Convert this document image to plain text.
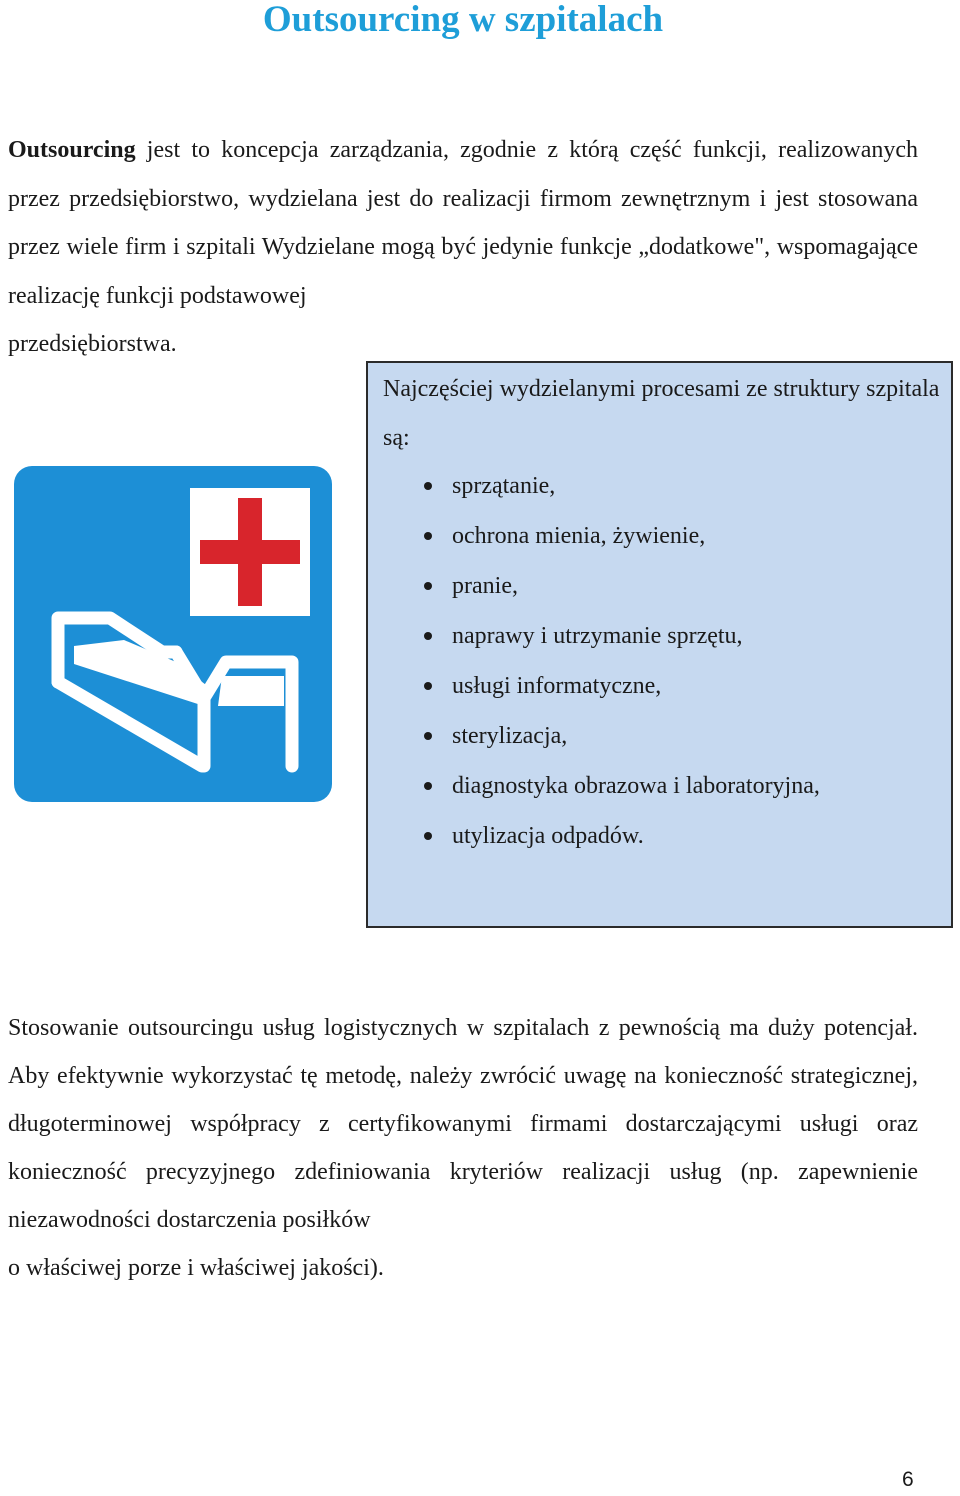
Outsourcing w szpitalach
Outsourcing jest to koncepcja zarządzania, zgodnie z którą część funkcji, realizowanych przez przedsiębiorstwo, wydzielana jest do realizacji firmom zewnętrznym i jest stosowana przez wiele firm i szpitali Wydzielane mogą być jedynie funkcje „dodatkowe", wspomagające realizację funkcji podstawowej
przedsiębiorstwa.

Najczęściej wydzielanymi procesami ze struktury szpitala są:

sprzątanie,
ochrona mienia, żywienie,
pranie,
naprawy i utrzymanie sprzętu,
usługi informatyczne,
sterylizacja,
diagnostyka obrazowa i laboratoryjna,
utylizacja odpadów.
Stosowanie outsourcingu usług logistycznych w szpitalach z pewnością ma duży potencjał. Aby efektywnie wykorzystać tę metodę, należy zwrócić uwagę na konieczność strategicznej, długoterminowej współpracy z certyfikowanymi firmami dostarczającymi usługi oraz konieczność precyzyjnego zdefiniowania kryteriów realizacji usług (np. zapewnienie niezawodności dostarczenia posiłków
o właściwej porze i właściwej jakości).
6
